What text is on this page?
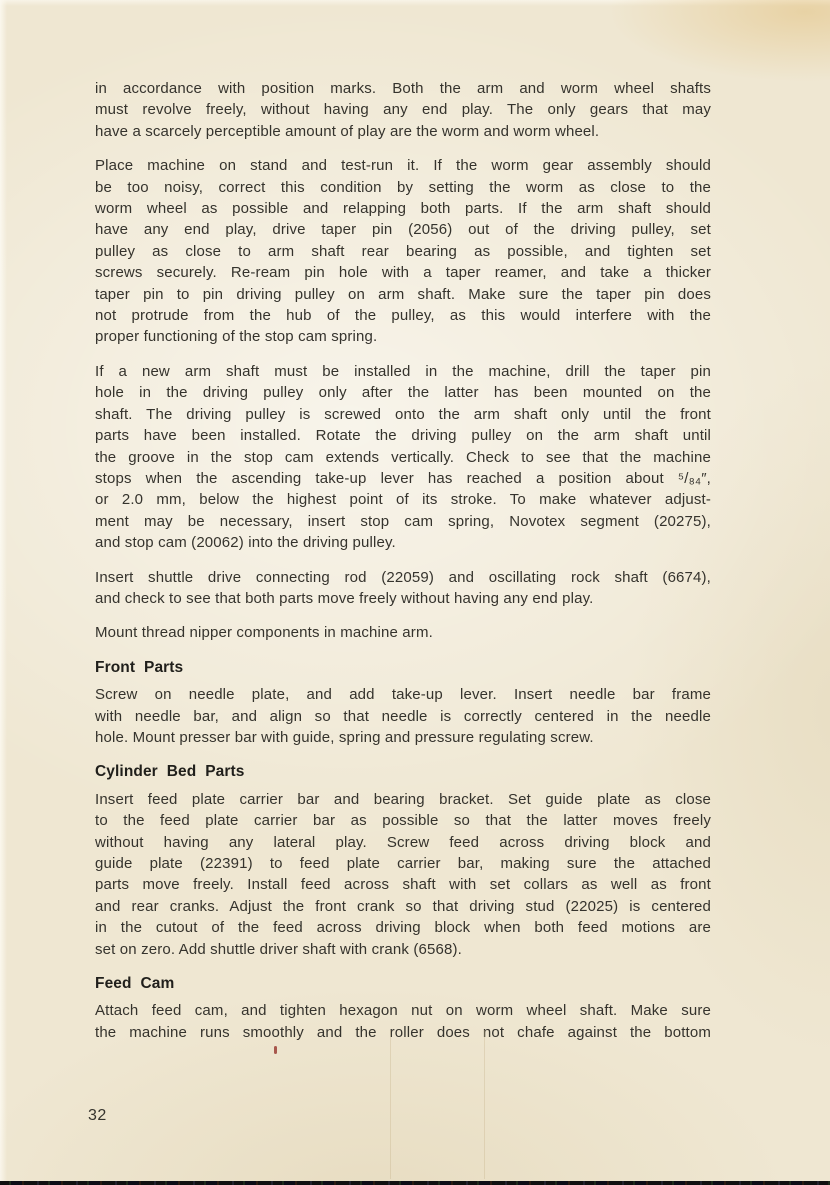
in accordance with position marks. Both the arm and worm wheel shafts
must revolve freely, without having any end play. The only gears that may
have a scarcely perceptible amount of play are the worm and worm wheel.
Place machine on stand and test-run it. If the worm gear assembly should
be too noisy, correct this condition by setting the worm as close to the
worm wheel as possible and relapping both parts. If the arm shaft should
have any end play, drive taper pin (2056) out of the driving pulley, set
pulley as close to arm shaft rear bearing as possible, and tighten set
screws securely. Re-ream pin hole with a taper reamer, and take a thicker
taper pin to pin driving pulley on arm shaft. Make sure the taper pin does
not protrude from the hub of the pulley, as this would interfere with the
proper functioning of the stop cam spring.
If a new arm shaft must be installed in the machine, drill the taper pin
hole in the driving pulley only after the latter has been mounted on the
shaft. The driving pulley is screwed onto the arm shaft only until the front
parts have been installed. Rotate the driving pulley on the arm shaft until
the groove in the stop cam extends vertically. Check to see that the machine
stops when the ascending take-up lever has reached a position about ⁵/₈₄″,
or 2.0 mm, below the highest point of its stroke. To make whatever adjust-
ment may be necessary, insert stop cam spring, Novotex segment (20275),
and stop cam (20062) into the driving pulley.
Insert shuttle drive connecting rod (22059) and oscillating rock shaft (6674),
and check to see that both parts move freely without having any end play.
Mount thread nipper components in machine arm.
Front Parts
Screw on needle plate, and add take-up lever. Insert needle bar frame
with needle bar, and align so that needle is correctly centered in the needle
hole. Mount presser bar with guide, spring and pressure regulating screw.
Cylinder Bed Parts
Insert feed plate carrier bar and bearing bracket. Set guide plate as close
to the feed plate carrier bar as possible so that the latter moves freely
without having any lateral play. Screw feed across driving block and
guide plate (22391) to feed plate carrier bar, making sure the attached
parts move freely. Install feed across shaft with set collars as well as front
and rear cranks. Adjust the front crank so that driving stud (22025) is centered
in the cutout of the feed across driving block when both feed motions are
set on zero. Add shuttle driver shaft with crank (6568).
Feed Cam
Attach feed cam, and tighten hexagon nut on worm wheel shaft. Make sure
the machine runs smoothly and the roller does not chafe against the bottom
32
